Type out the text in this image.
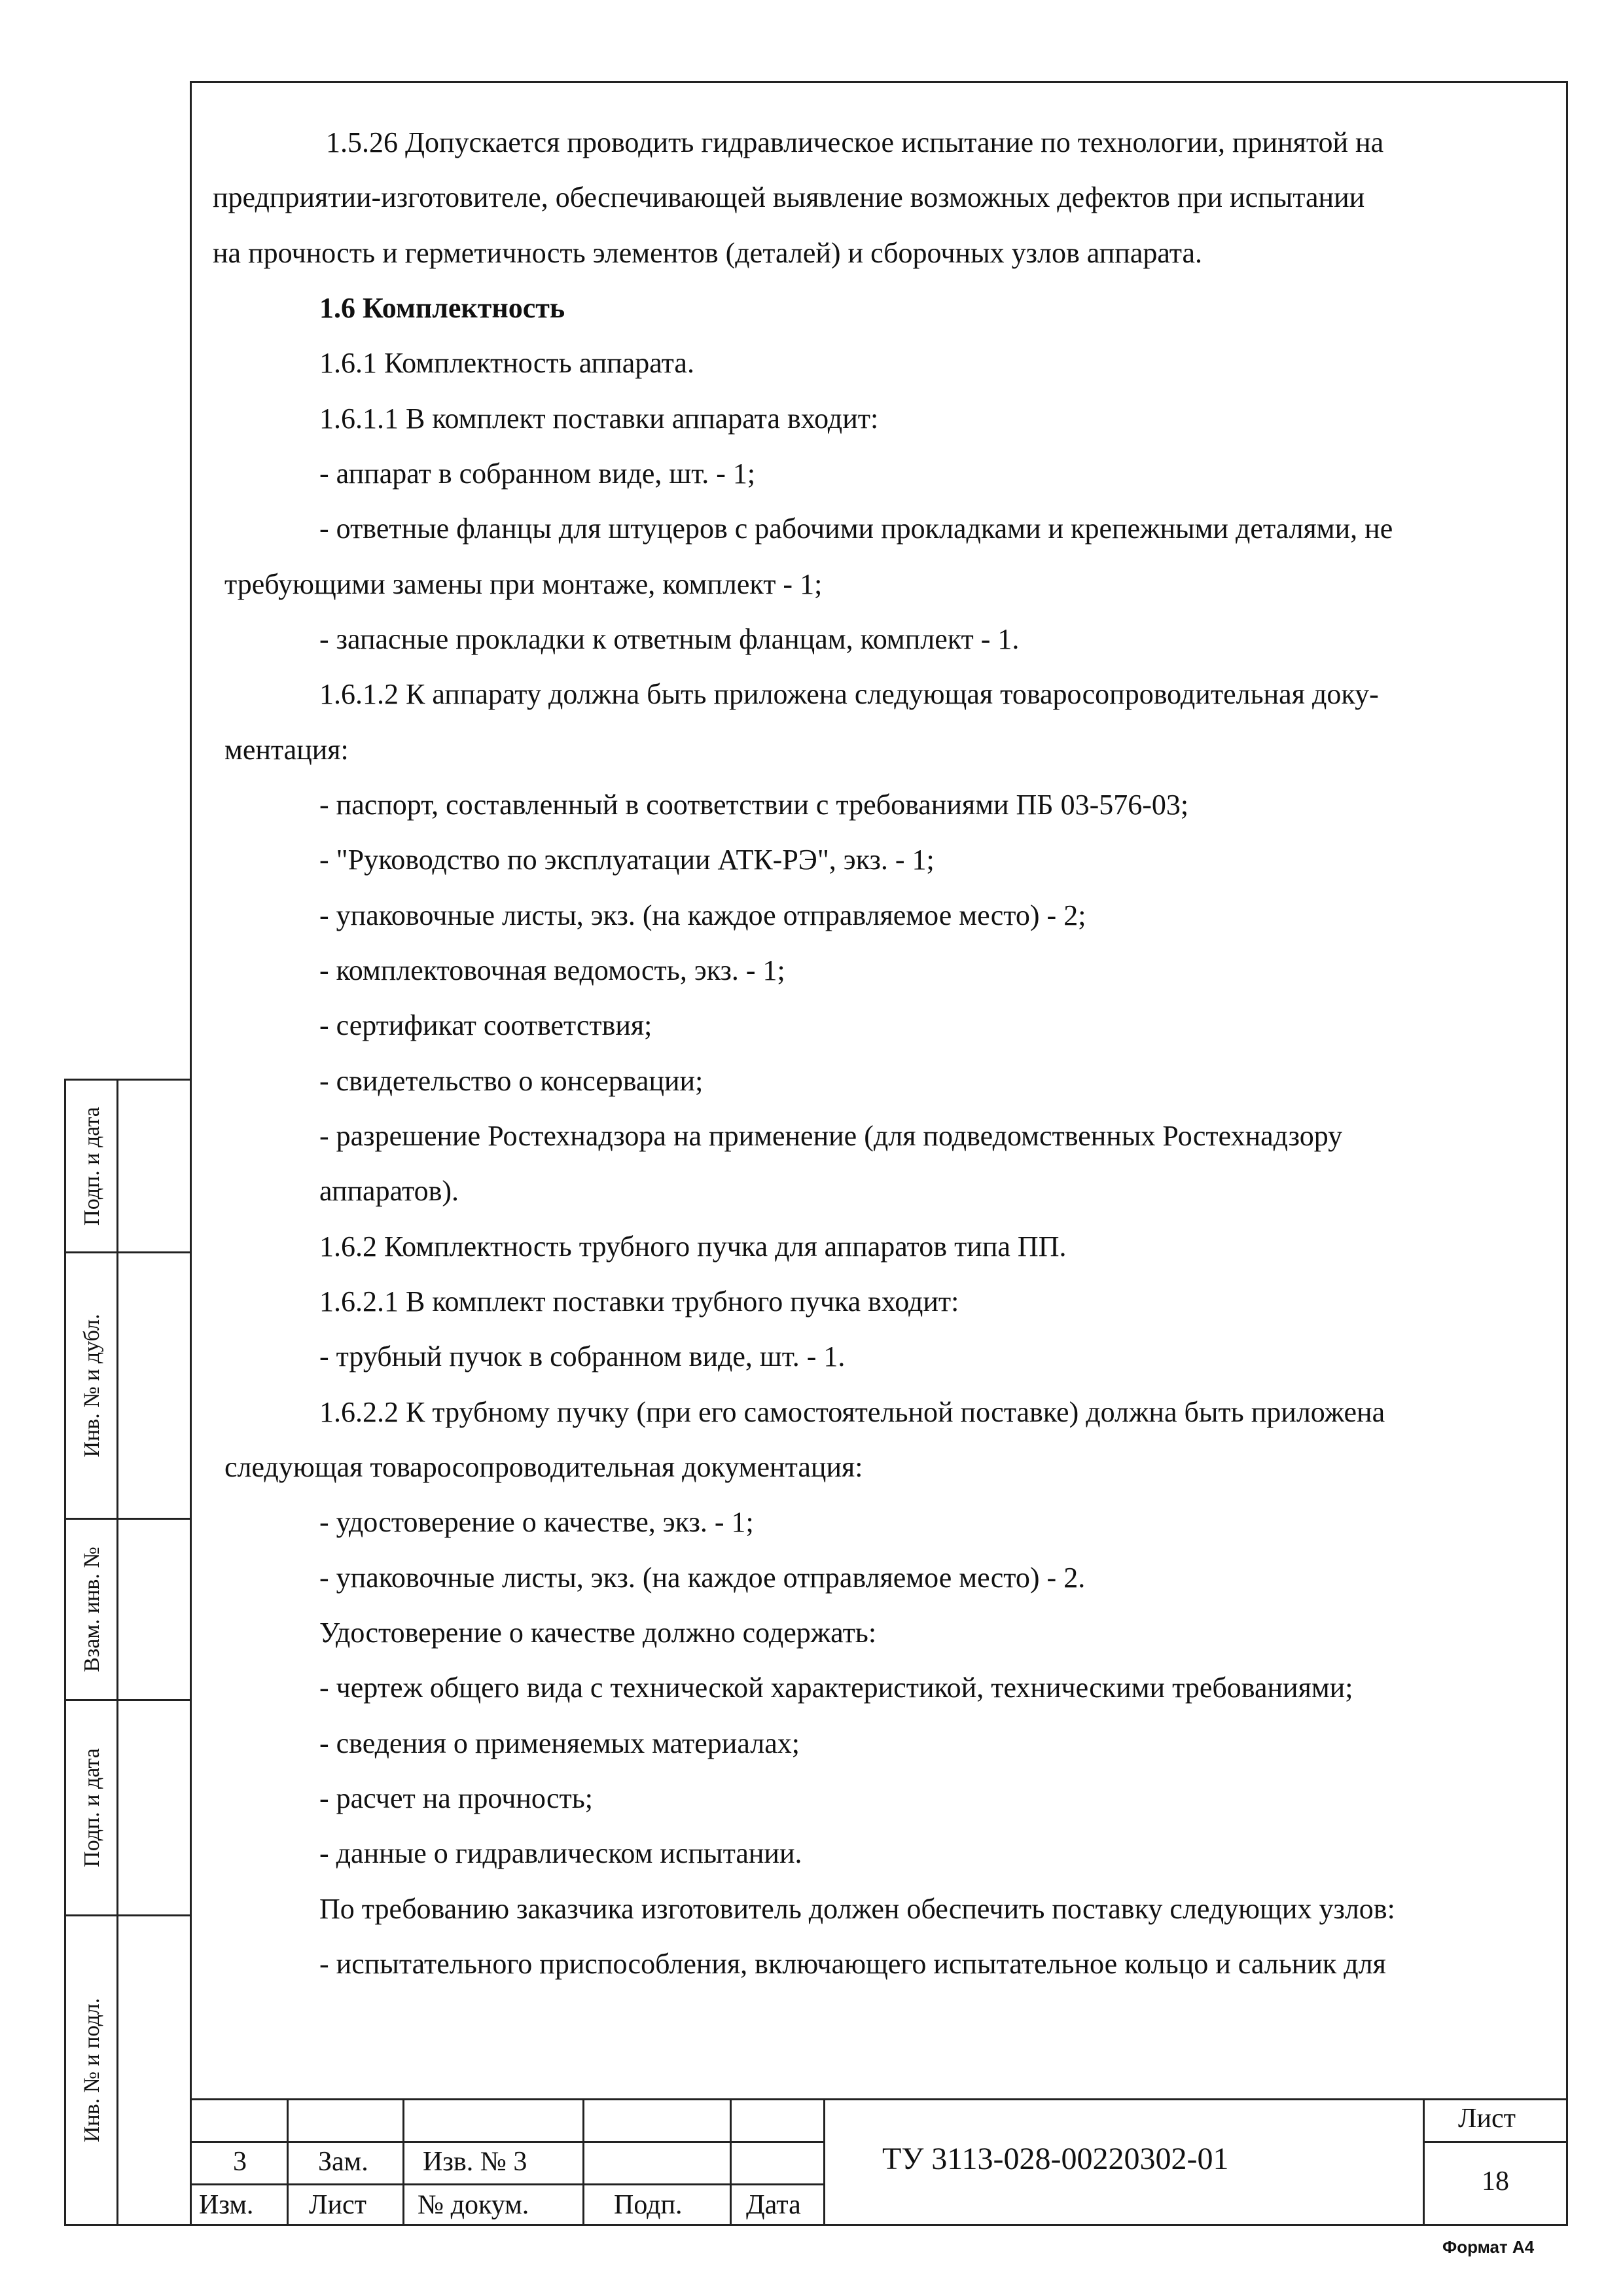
1.5.26 Допускается проводить гидравлическое испытание по технологии, принятой на
предприятии-изготовителе, обеспечивающей выявление возможных дефектов при испытании
на прочность и герметичность элементов (деталей) и сборочных узлов аппарата.
1.6 Комплектность
1.6.1 Комплектность аппарата.
1.6.1.1 В комплект поставки аппарата входит:
- аппарат в собранном виде, шт. - 1;
- ответные фланцы для штуцеров с рабочими прокладками и крепежными деталями, не
требующими замены при монтаже, комплект - 1;
- запасные прокладки к ответным фланцам, комплект - 1.
1.6.1.2 К аппарату должна быть приложена следующая товаросопроводительная доку-
ментация:
- паспорт, составленный в соответствии с требованиями ПБ 03-576-03;
- "Руководство по эксплуатации АТК-РЭ", экз. - 1;
- упаковочные листы, экз. (на каждое отправляемое место) - 2;
- комплектовочная ведомость, экз. - 1;
- сертификат соответствия;
- свидетельство о консервации;
- разрешение Ростехнадзора на применение (для подведомственных Ростехнадзору
аппаратов).
1.6.2 Комплектность трубного пучка для аппаратов типа ПП.
1.6.2.1 В комплект поставки трубного пучка входит:
- трубный пучок в собранном виде, шт. - 1.
1.6.2.2 К трубному пучку (при его самостоятельной поставке) должна быть приложена
следующая товаросопроводительная документация:
- удостоверение о качестве, экз. - 1;
- упаковочные листы, экз. (на каждое отправляемое место) - 2.
Удостоверение о качестве должно содержать:
- чертеж общего вида с технической характеристикой, техническими требованиями;
- сведения о применяемых материалах;
- расчет на прочность;
- данные о гидравлическом испытании.
По требованию заказчика изготовитель должен обеспечить поставку следующих узлов:
- испытательного приспособления, включающего испытательное кольцо и сальник для
Подп. и дата
Инв. № и дубл.
Взам. инв. №
Подп. и дата
Инв. № и подл.
3	Зам. Изв. № 3
Изм. Лист № докум.	Подп. Дата
ТУ 3113-028-00220302-01
Лист
18
Формат А4
